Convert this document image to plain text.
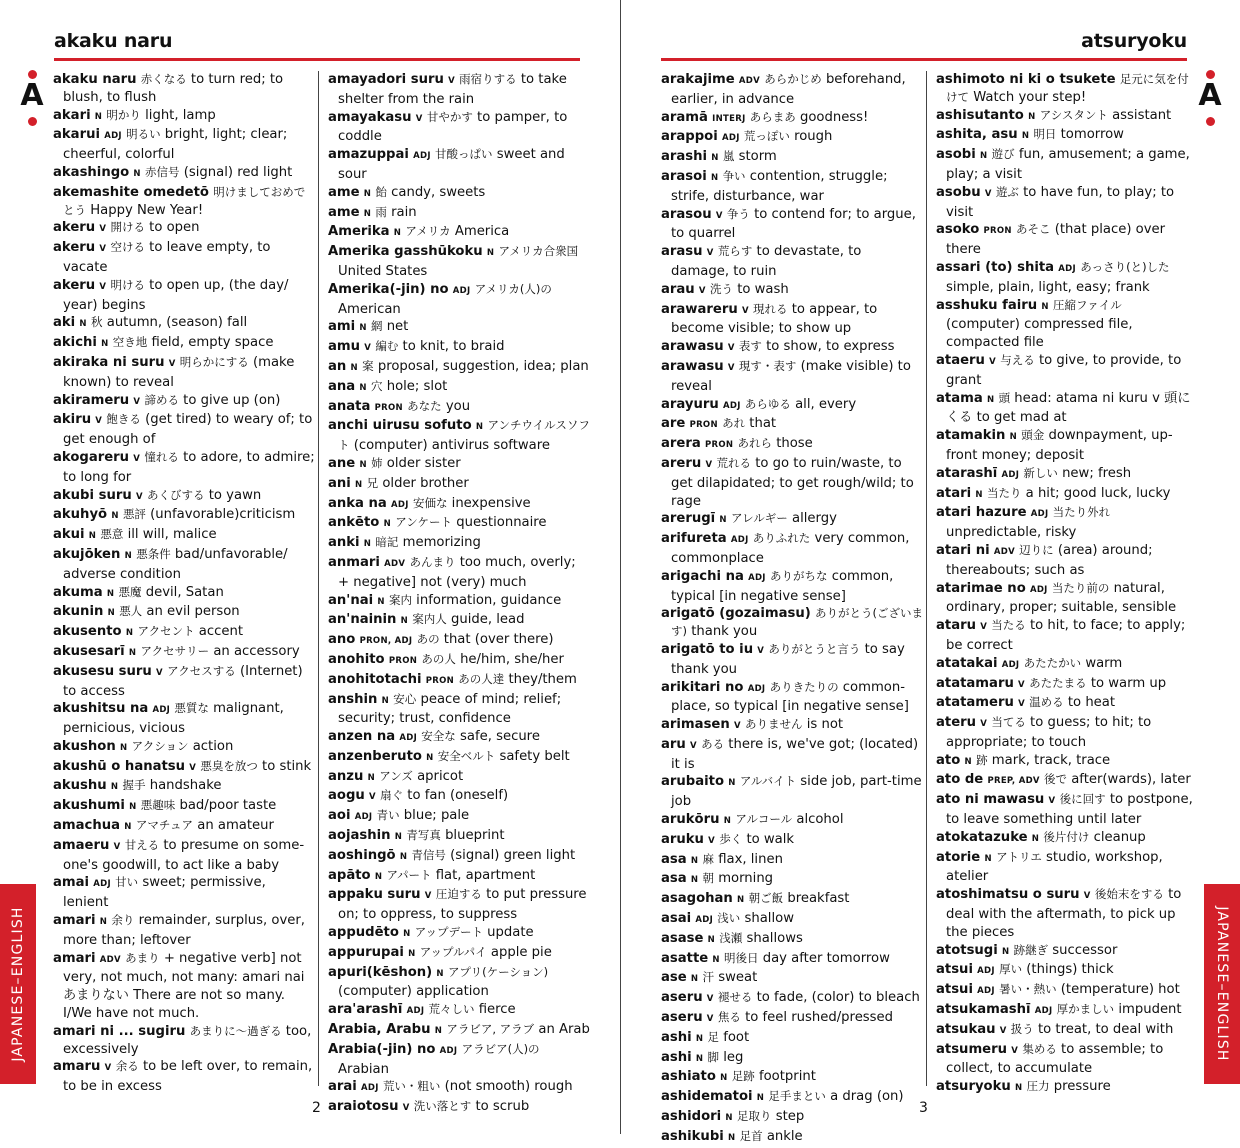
akaku naru
A
JAPANESE–ENGLISH
akaku naru 赤くなる to turn red; to blush, to flush
akari N 明かり light, lamp
akarui ADJ 明るい bright, light; clear; cheerful, colorful
akashingo N 赤信号 (signal) red light
akemashite omedetō 明けましておめでとう Happy New Year!
akeru V 開ける to open
akeru V 空ける to leave empty, to vacate
akeru V 明ける to open up, (the day/ year) begins
aki N 秋 autumn, (season) fall
akichi N 空き地 field, empty space
akiraka ni suru V 明らかにする (make known) to reveal
akirameru V 諦める to give up (on)
akiru V 飽きる (get tired) to weary of; to get enough of
akogareru V 憧れる to adore, to admire; to long for
akubi suru V あくびする to yawn
akuhyō N 悪評 (unfavorable)criticism
akui N 悪意 ill will, malice
akujōken N 悪条件 bad/unfavorable/ adverse condition
akuma N 悪魔 devil, Satan
akunin N 悪人 an evil person
akusento N アクセント accent
akusesarī N アクセサリー an accessory
akusesu suru V アクセスする (Internet) to access
akushitsu na ADJ 悪質な malignant, pernicious, vicious
akushon N アクション action
akushū o hanatsu V 悪臭を放つ to stink
akushu N 握手 handshake
akushumi N 悪趣味 bad/poor taste
amachua N アマチュア an amateur
amaeru V 甘える to presume on some-one's goodwill, to act like a baby
amai ADJ 甘い sweet; permissive, lenient
amari N 余り remainder, surplus, over, more than; leftover
amari ADV あまり + negative verb] not very, not much, not many: amari nai あまりない There are not so many. I/We have not much.
amari ni ... sugiru あまりに〜過ぎる too, excessively
amaru V 余る to be left over, to remain, to be in excess
amayadori suru V 雨宿りする to take shelter from the rain
amayakasu V 甘やかす to pamper, to coddle
amazuppai ADJ 甘酸っぱい sweet and sour
ame N 飴 candy, sweets
ame N 雨 rain
Amerika N アメリカ America
Amerika gasshūkoku N アメリカ合衆国 United States
Amerika(-jin) no ADJ アメリカ(人)の American
ami N 網 net
amu V 編む to knit, to braid
an N 案 proposal, suggestion, idea; plan
ana N 穴 hole; slot
anata PRON あなた you
anchi uirusu sofuto N アンチウイルスソフト (computer) antivirus software
ane N 姉 older sister
ani N 兄 older brother
anka na ADJ 安価な inexpensive
ankēto N アンケート questionnaire
anki N 暗記 memorizing
anmari ADV あんまり too much, overly; + negative] not (very) much
an'nai N 案内 information, guidance
an'nainin N 案内人 guide, lead
ano PRON, ADJ あの that (over there)
anohito PRON あの人 he/him, she/her
anohitotachi PRON あの人達 they/them
anshin N 安心 peace of mind; relief; security; trust, confidence
anzen na ADJ 安全な safe, secure
anzenberuto N 安全ベルト safety belt
anzu N アンズ apricot
aogu V 扇ぐ to fan (oneself)
aoi ADJ 青い blue; pale
aojashin N 青写真 blueprint
aoshingō N 青信号 (signal) green light
apāto N アパート flat, apartment
appaku suru V 圧迫する to put pressure on; to oppress, to suppress
appudēto N アップデート update
appurupai N アップルパイ apple pie
apuri(kēshon) N アプリ(ケーション) (computer) application
ara'arashī ADJ 荒々しい fierce
Arabia, Arabu N アラビア, アラブ an Arab
Arabia(-jin) no ADJ アラビア(人)の Arabian
arai ADJ 荒い・粗い (not smooth) rough
araiotosu V 洗い落とす to scrub
2
atsuryoku
A
JAPANESE–ENGLISH
arakajime ADV あらかじめ beforehand, earlier, in advance
aramā INTERJ あらまあ goodness!
arappoi ADJ 荒っぽい rough
arashi N 嵐 storm
arasoi N 争い contention, struggle; strife, disturbance, war
arasou V 争う to contend for; to argue, to quarrel
arasu V 荒らす to devastate, to damage, to ruin
arau V 洗う to wash
arawareru V 現れる to appear, to become visible; to show up
arawasu V 表す to show, to express
arawasu V 現す・表す (make visible) to reveal
arayuru ADJ あらゆる all, every
are PRON あれ that
arera PRON あれら those
areru V 荒れる to go to ruin/waste, to get dilapidated; to get rough/wild; to rage
arerugī N アレルギー allergy
arifureta ADJ ありふれた very common, commonplace
arigachi na ADJ ありがちな common, typical [in negative sense]
arigatō (gozaimasu) ありがとう(ございます) thank you
arigatō to iu V ありがとうと言う to say thank you
arikitari no ADJ ありきたりの common-place, so typical [in negative sense]
arimasen V ありません is not
aru V ある there is, we've got; (located) it is
arubaito N アルバイト side job, part-time job
arukōru N アルコール alcohol
aruku V 歩く to walk
asa N 麻 flax, linen
asa N 朝 morning
asagohan N 朝ご飯 breakfast
asai ADJ 浅い shallow
asase N 浅瀬 shallows
asatte N 明後日 day after tomorrow
ase N 汗 sweat
aseru V 褪せる to fade, (color) to bleach
aseru V 焦る to feel rushed/pressed
ashi N 足 foot
ashi N 脚 leg
ashiato N 足跡 footprint
ashidematoi N 足手まとい a drag (on)
ashidori N 足取り step
ashikubi N 足首 ankle
ashimoto ni ki o tsukete 足元に気を付けて Watch your step!
ashisutanto N アシスタント assistant
ashita, asu N 明日 tomorrow
asobi N 遊び fun, amusement; a game, play; a visit
asobu V 遊ぶ to have fun, to play; to visit
asoko PRON あそこ (that place) over there
assari (to) shita ADJ あっさり(と)した simple, plain, light, easy; frank
asshuku fairu N 圧縮ファイル (computer) compressed file, compacted file
ataeru V 与える to give, to provide, to grant
atama N 頭 head: atama ni kuru v 頭にくる to get mad at
atamakin N 頭金 downpayment, up-front money; deposit
atarashī ADJ 新しい new; fresh
atari N 当たり a hit; good luck, lucky
atari hazure ADJ 当たり外れ unpredictable, risky
atari ni ADV 辺りに (area) around; thereabouts; such as
atarimae no ADJ 当たり前の natural, ordinary, proper; suitable, sensible
ataru V 当たる to hit, to face; to apply; be correct
atatakai ADJ あたたかい warm
atatamaru V あたたまる to warm up
atatameru V 温める to heat
ateru V 当てる to guess; to hit; to appropriate; to touch
ato N 跡 mark, track, trace
ato de PREP, ADV 後で after(wards), later
ato ni mawasu V 後に回す to postpone, to leave something until later
atokatazuke N 後片付け cleanup
atorie N アトリエ studio, workshop, atelier
atoshimatsu o suru V 後始末をする to deal with the aftermath, to pick up the pieces
atotsugi N 跡継ぎ successor
atsui ADJ 厚い (things) thick
atsui ADJ 暑い・熱い (temperature) hot
atsukamashī ADJ 厚かましい impudent
atsukau V 扱う to treat, to deal with
atsumeru V 集める to assemble; to collect, to accumulate
atsuryoku N 圧力 pressure
3
